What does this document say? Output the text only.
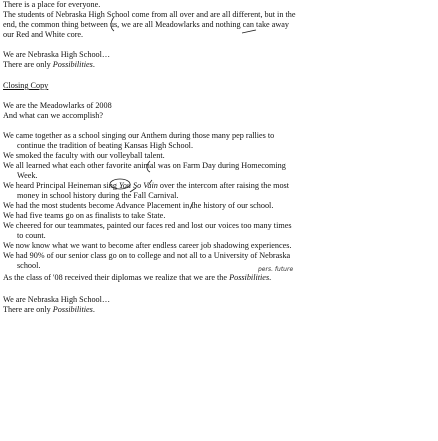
There is a place for everyone.
The students of Nebraska High School come from all over and are all different, but in the
end, the common thing between us, we are all Meadowlarks and nothing can take away
our Red and White core.
We are Nebraska High School…
There are only Possibilities.
Closing Copy
We are the Meadowlarks of 2008
And what can we accomplish?
We came together as a school singing our Anthem during those many pep rallies to
continue the tradition of beating Kansas High School.
We smoked the faculty with our volleyball talent.
We all learned what each other favorite animal was on Farm Day during Homecoming
Week.
We heard Principal Heineman sing You So Vain over the intercom after raising the most
money in school history during the Fall Carnival.
We had the most students become Advance Placement in the history of our school.
We had five teams go on as finalists to take State.
We cheered for our teammates, painted our faces red and lost our voices too many times
to count.
We now know what we want to become after endless career job shadowing experiences.
We had 90% of our senior class go on to college and not all to a University of Nebraska
school.
As the class of '08 received their diplomas we realize that we are the Possibilities.
We are Nebraska High School…
There are only Possibilities.
pers. future
